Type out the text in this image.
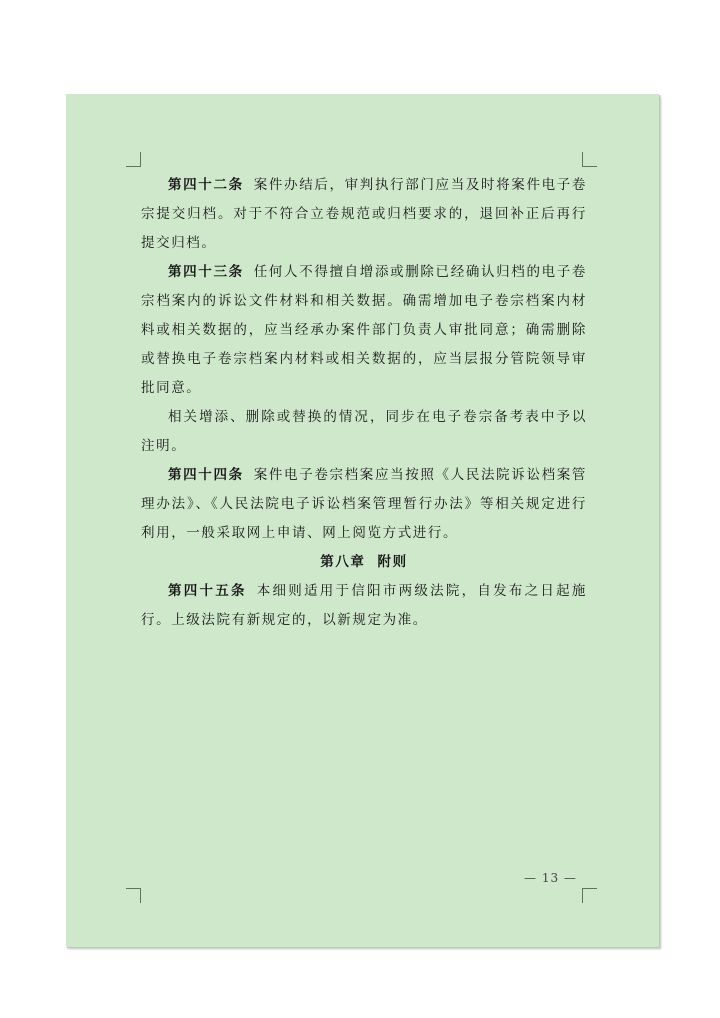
第四十二条 案件办结后，审判执行部门应当及时将案件电子卷宗提交归档。对于不符合立卷规范或归档要求的，退回补正后再行提交归档。

第四十三条 任何人不得擅自增添或删除已经确认归档的电子卷宗档案内的诉讼文件材料和相关数据。确需增加电子卷宗档案内材料或相关数据的，应当经承办案件部门负责人审批同意；确需删除或替换电子卷宗档案内材料或相关数据的，应当层报分管院领导审批同意。

相关增添、删除或替换的情况，同步在电子卷宗备考表中予以注明。

第四十四条 案件电子卷宗档案应当按照《人民法院诉讼档案管理办法》、《人民法院电子诉讼档案管理暂行办法》等相关规定进行利用，一般采取网上申请、网上阅览方式进行。

第八章 附则

第四十五条 本细则适用于信阳市两级法院，自发布之日起施行。上级法院有新规定的，以新规定为准。

— 13 —
